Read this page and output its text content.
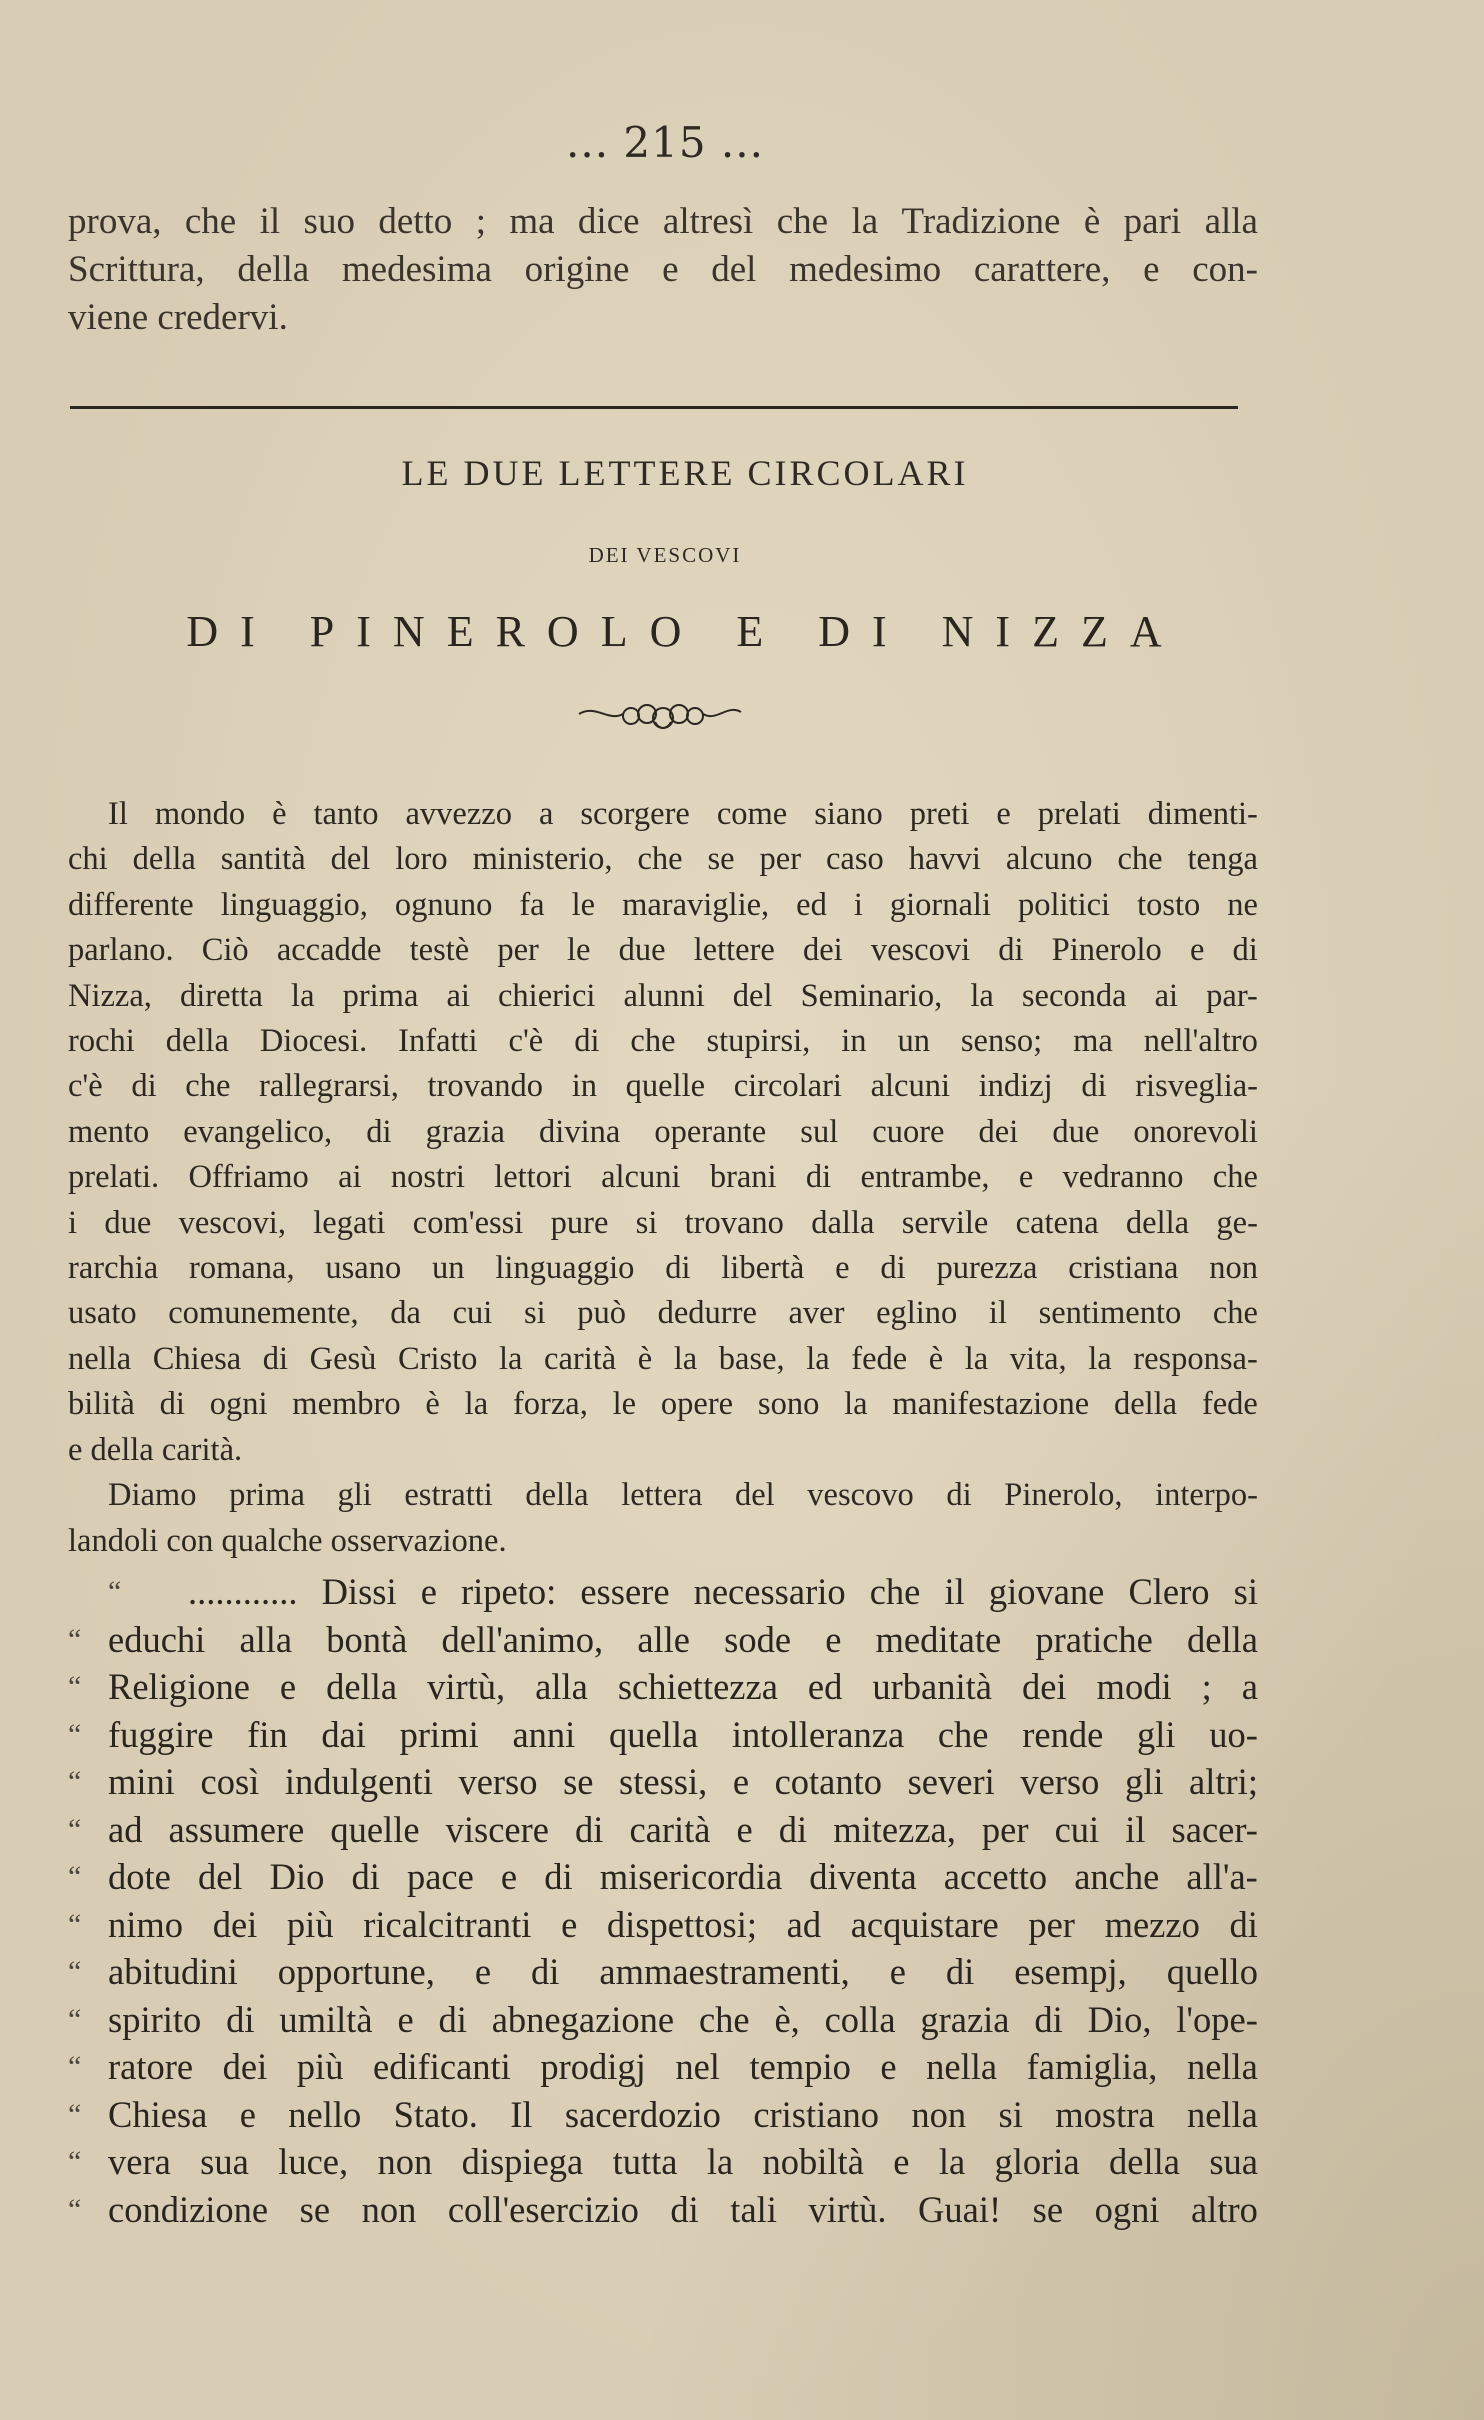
... 215 ...
prova, che il suo detto ; ma dice altresì che la Tradizione è pari alla
Scrittura, della medesima origine e del medesimo carattere, e con-
viene credervi.
LE DUE LETTERE CIRCOLARI
DEI VESCOVI
DI PINEROLO E DI NIZZA
Il mondo è tanto avvezzo a scorgere come siano preti e prelati dimenti-
chi della santità del loro ministerio, che se per caso havvi alcuno che tenga
differente linguaggio, ognuno fa le maraviglie, ed i giornali politici tosto ne
parlano. Ciò accadde testè per le due lettere dei vescovi di Pinerolo e di
Nizza, diretta la prima ai chierici alunni del Seminario, la seconda ai par-
rochi della Diocesi. Infatti c'è di che stupirsi, in un senso; ma nell'altro
c'è di che rallegrarsi, trovando in quelle circolari alcuni indizj di risveglia-
mento evangelico, di grazia divina operante sul cuore dei due onorevoli
prelati. Offriamo ai nostri lettori alcuni brani di entrambe, e vedranno che
i due vescovi, legati com'essi pure si trovano dalla servile catena della ge-
rarchia romana, usano un linguaggio di libertà e di purezza cristiana non
usato comunemente, da cui si può dedurre aver eglino il sentimento che
nella Chiesa di Gesù Cristo la carità è la base, la fede è la vita, la responsa-
bilità di ogni membro è la forza, le opere sono la manifestazione della fede
e della carità.
Diamo prima gli estratti della lettera del vescovo di Pinerolo, interpo-
landoli con qualche osservazione.
“	............ Dissi e ripeto: essere necessario che il giovane Clero si
“ educhi alla bontà dell'animo, alle sode e meditate pratiche della
“ Religione e della virtù, alla schiettezza ed urbanità dei modi ; a
“ fuggire fin dai primi anni quella intolleranza che rende gli uo-
“ mini così indulgenti verso se stessi, e cotanto severi verso gli altri;
“ ad assumere quelle viscere di carità e di mitezza, per cui il sacer-
“ dote del Dio di pace e di misericordia diventa accetto anche all'a-
“ nimo dei più ricalcitranti e dispettosi; ad acquistare per mezzo di
“ abitudini opportune, e di ammaestramenti, e di esempj, quello
“ spirito di umiltà e di abnegazione che è, colla grazia di Dio, l'ope-
“ ratore dei più edificanti prodigj nel tempio e nella famiglia, nella
“ Chiesa e nello Stato. Il sacerdozio cristiano non si mostra nella
“ vera sua luce, non dispiega tutta la nobiltà e la gloria della sua
“ condizione se non coll'esercizio di tali virtù. Guai! se ogni altro
